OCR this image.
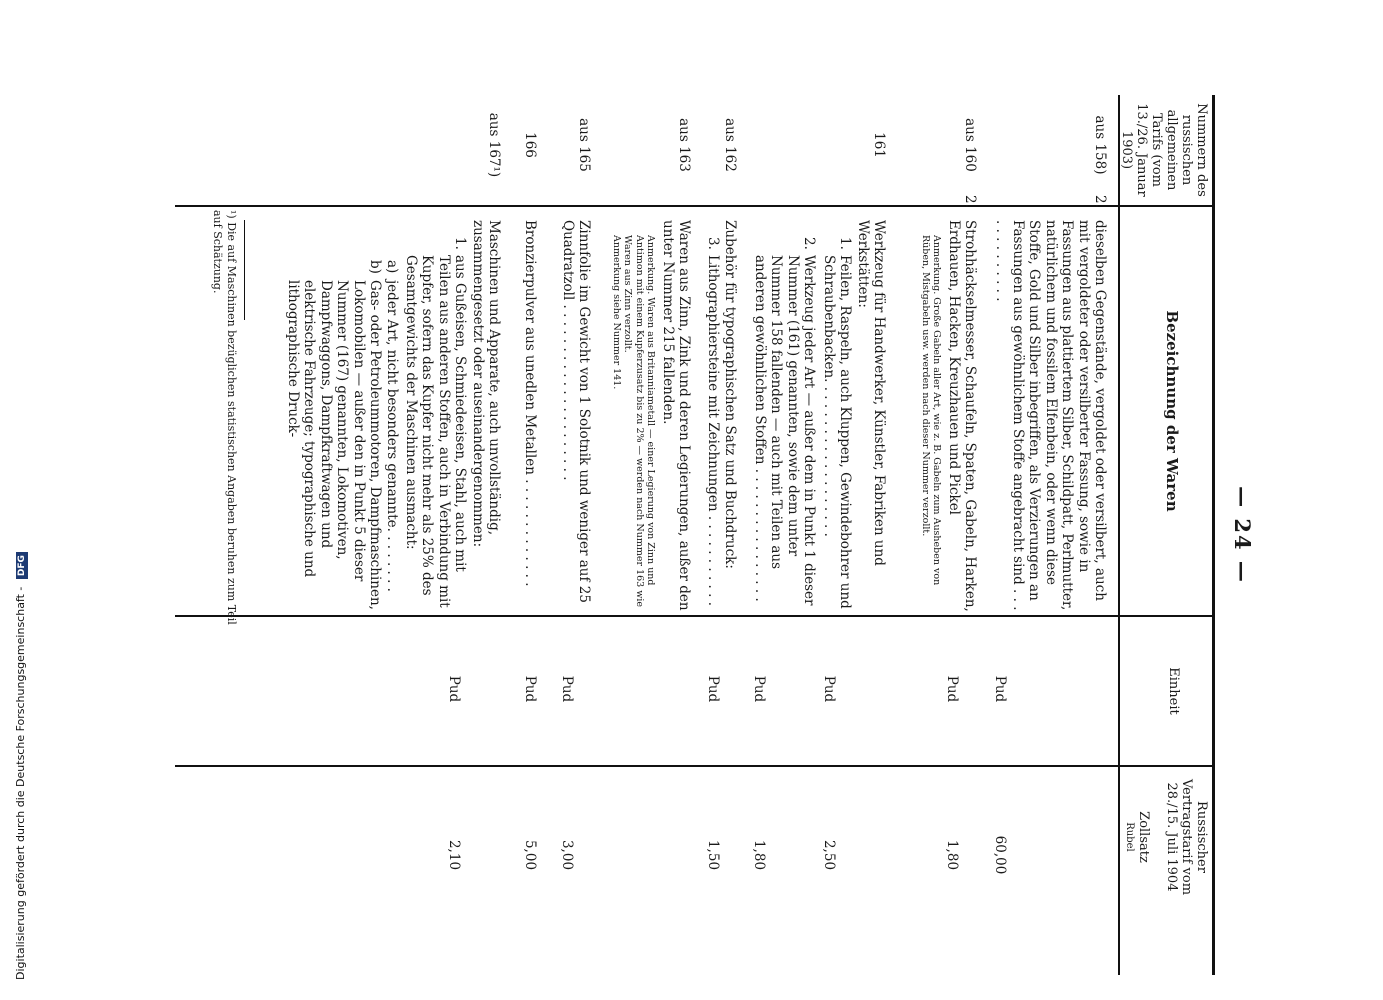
— 24 —
Nummern des russischen allgemeinen Tarifs (vom 13./26. Januar 1903)
Bezeichnung der Waren
Einheit
Russischer Vertragstarif vom 28./15. Juli 1904
Zollsatz
Rubel
aus 158)
2.
dieselben Gegenstände, vergoldet oder versilbert, auch mit vergoldeter oder versilberter Fassung, sowie in Fassungen aus plattiertem Silber, Schildpatt, Perlmutter, natürlichem und fossilem Elfenbein, oder wenn diese Stoffe, Gold und Silber inbegriffen, als Verzierungen an Fassungen aus gewöhnlichem Stoffe angebracht sind . . . . . . . . . . . . .
Pud
60,00
aus 160
2.
Strohhäckselmesser, Schaufeln, Spaten, Gabeln, Harken, Erdhauen, Hacken, Kreuzhauen und Pickel
Anmerkung. Große Gabeln aller Art, wie z. B. Gabeln zum Ausheben von Rüben, Mistgabeln usw. werden nach dieser Nummer verzollt.
Pud
1,80
161
Werkzeug für Handwerker, Künstler, Fabriken und Werkstätten:
1.
Feilen, Raspeln, auch Kluppen, Gewindebohrer und Schraubenbacken. . . . . . . . . . . . . . . . . . .
Pud
2,50
2.
Werkzeug jeder Art — außer dem in Punkt 1 dieser Nummer (161) genannten, sowie dem unter Nummer 158 fallenden — auch mit Teilen aus anderen gewöhnlichen Stoffen . . . . . . . . . . . . . . . .
Pud
1,80
aus 162
Zubehör für typographischen Satz und Buchdruck:
3.
Lithographiersteine mit Zeichnungen . . . . . . . . . . .
Pud
1,50
aus 163
Waren aus Zinn, Zink und deren Legierungen, außer den unter Nummer 215 fallenden.
Anmerkung. Waren aus Britanniametall — einer Legierung von Zinn und Antimon mit einem Kupferzusatz bis zu 2% — werden nach Nummer 163 wie Waren aus Zinn verzollt.
Anmerkung siehe Nummer 141.
aus 165
Zinnfolie im Gewicht von 1 Solotnik und weniger auf 25 Quadratzoll . . . . . . . . . . . . . . . . . . . . .
Pud
3,00
166
Bronzierpulver aus unedlen Metallen . . . . . . . . . . . . .
Pud
5,00
aus 167¹)
Maschinen und Apparate, auch unvollständig, zusammengesetzt oder auseinandergenommen:
1.
aus Gußeisen, Schmiedeeisen, Stahl, auch mit Teilen aus anderen Stoffen, auch in Verbindung mit Kupfer, sofern das Kupfer nicht mehr als 25% des Gesamtgewichts der Maschinen ausmacht:
a)
jeder Art, nicht besonders genannte. . . . . . . .
Pud
2,10
b)
Gas- oder Petroleummotoren, Dampfmaschinen, Lokomobilen — außer den in Punkt 5 dieser Nummer (167) genannten, Lokomotiven, Dampfwaggons, Dampfkraftwagen und elektrische Fahrzeuge; typographische und lithographische Druck-
¹) Die auf Maschinen bezüglichen statistischen Angaben beruhen zum Teil auf Schätzung.
Digitalisierung gefördert durch die Deutsche Forschungsgemeinschaft - DFG
